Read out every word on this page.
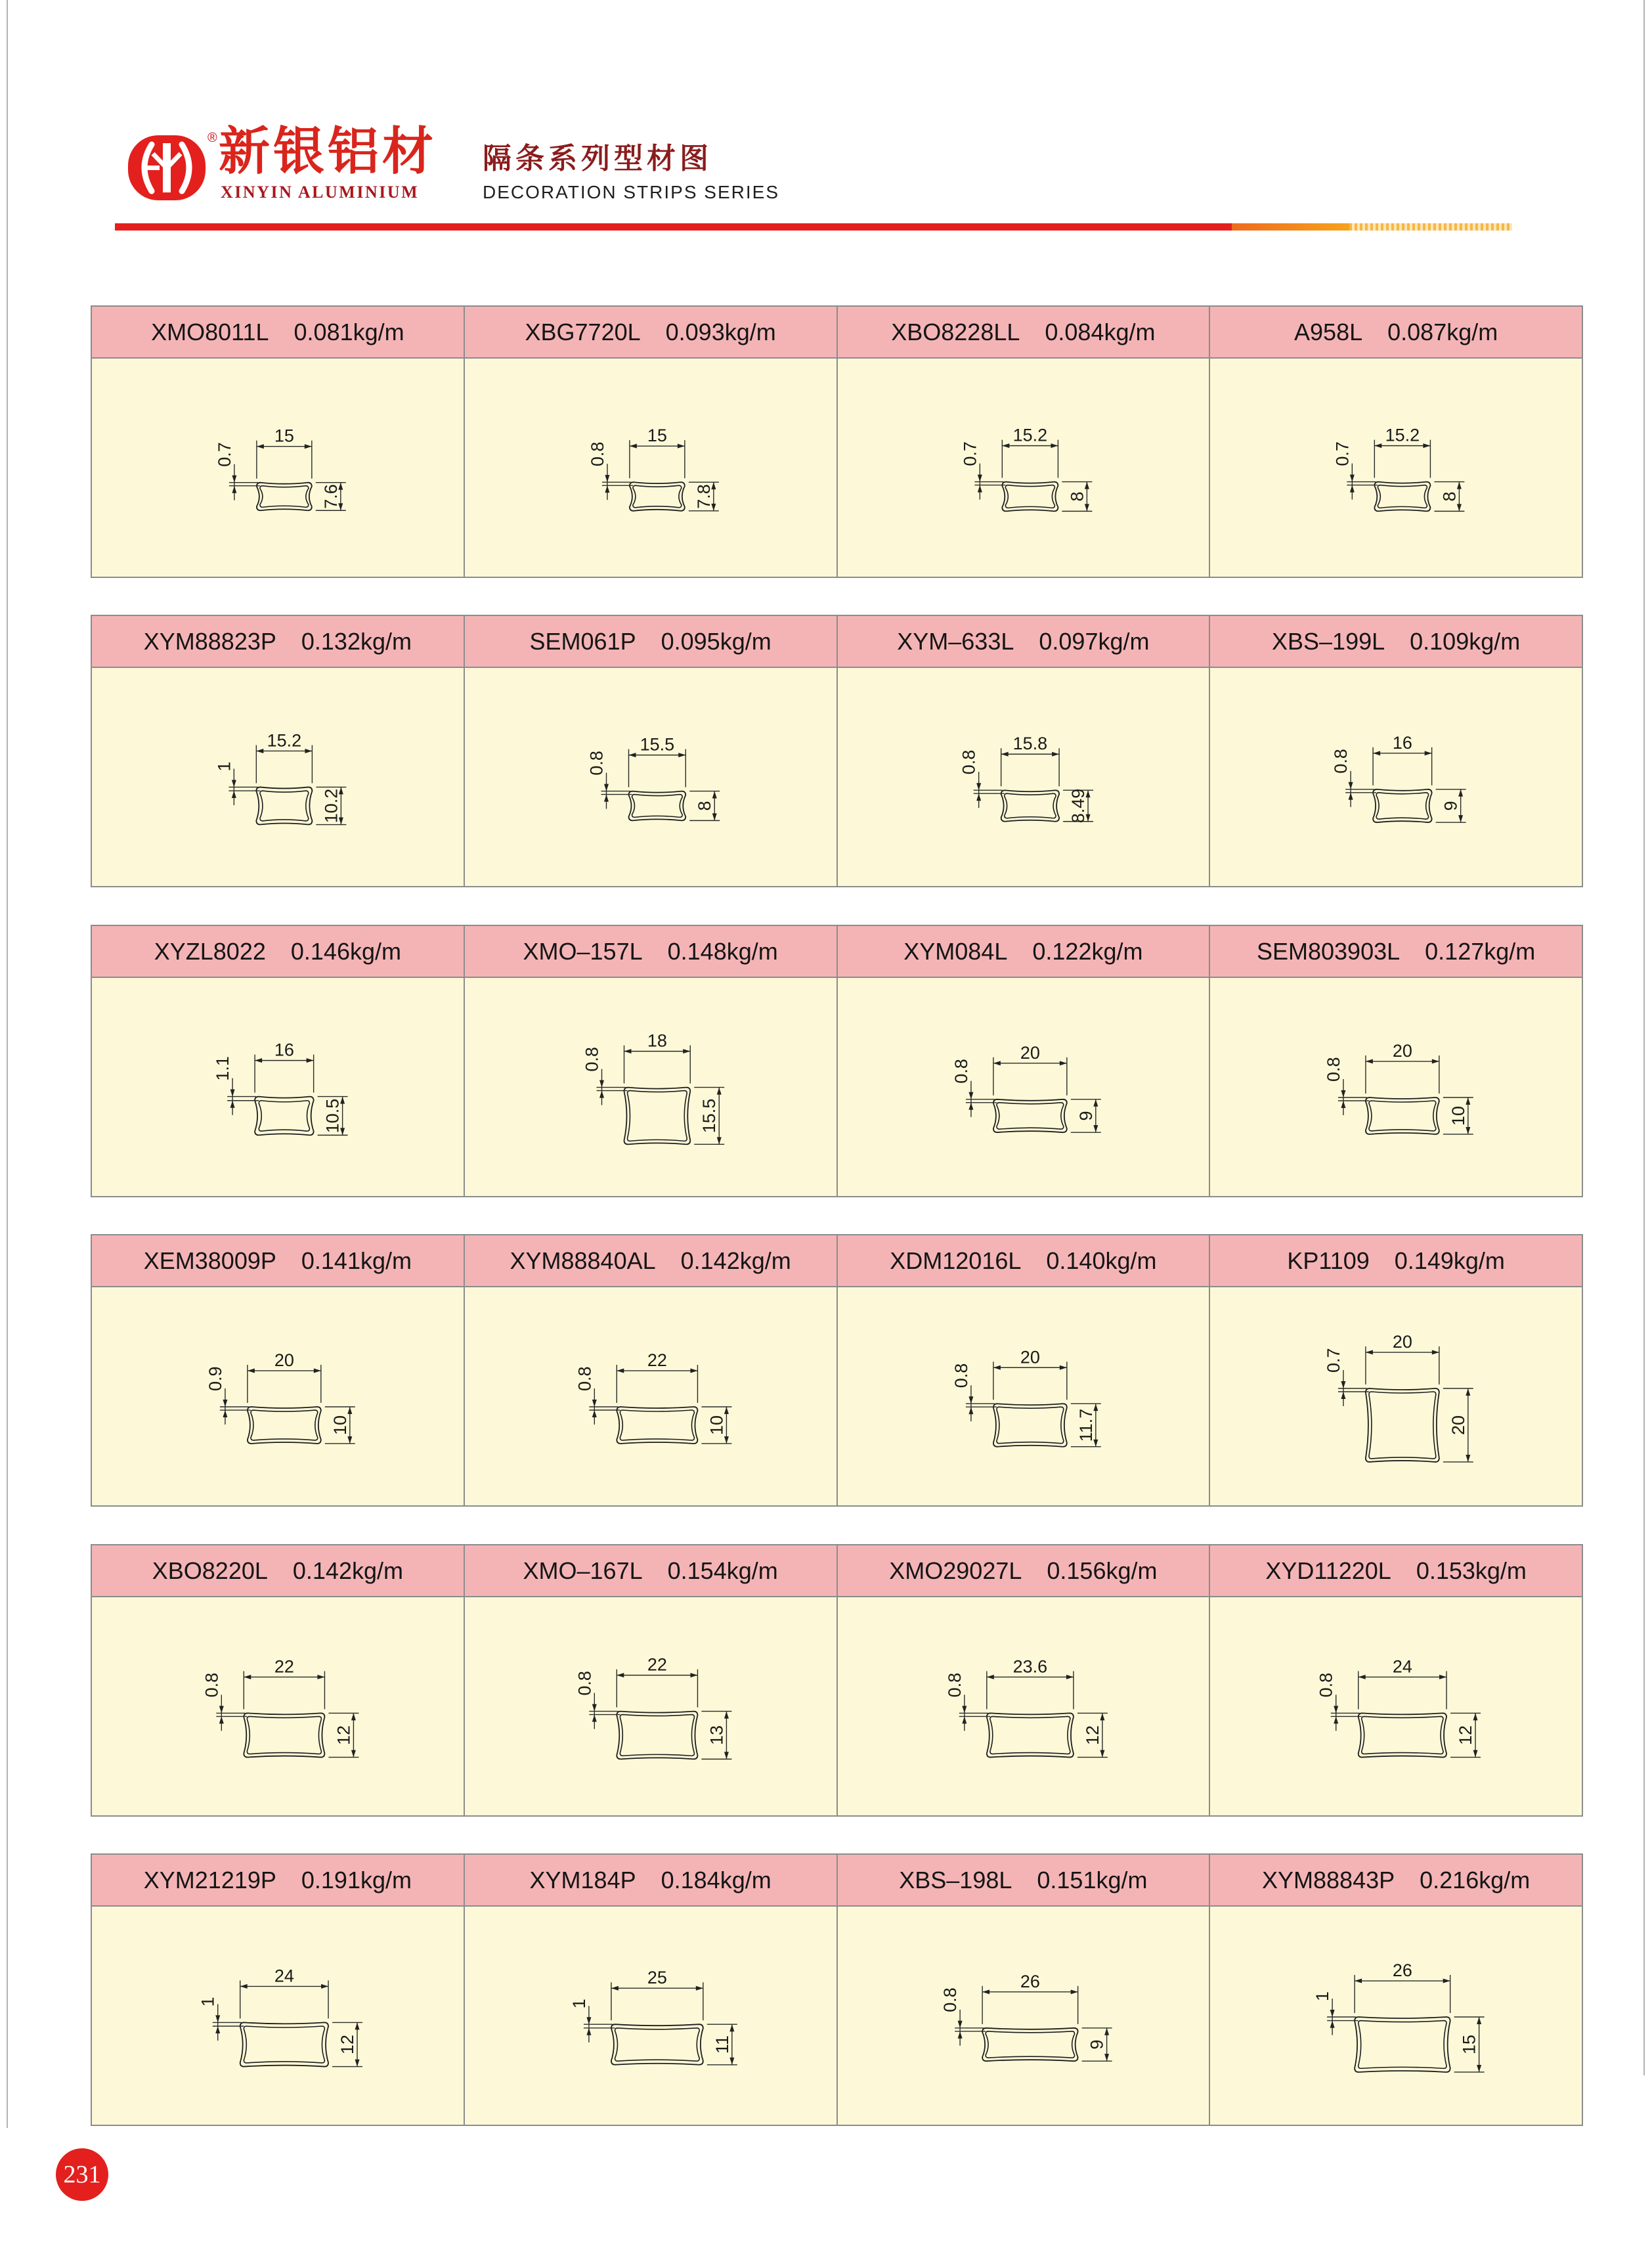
® 新银铝材
XINYIN ALUMINIUM
隔条系列型材图
DECORATION STRIPS SERIES
XMO8011L 0.081kg/m	XBG7720L 0.093kg/m	XBO8228LL 0.084kg/m	A958L 0.087kg/m
15
7.6
0.7
15
7.8
0.8
15.2
8
0.7
15.2
8
0.7
XYM88823P 0.132kg/m	SEM061P 0.095kg/m	XYM–633L 0.097kg/m	XBS–199L 0.109kg/m
15.2
10.2
1
15.5
8
0.8
15.8
8.49
0.8
16
9
0.8
XYZL8022 0.146kg/m	XMO–157L 0.148kg/m	XYM084L 0.122kg/m	SEM803903L 0.127kg/m
16
10.5
1.1
18
15.5
0.8	20
9
0.8
20
10
0.8
XEM38009P 0.141kg/m	XYM88840AL 0.142kg/m	XDM12016L 0.140kg/m	KP1109 0.149kg/m
20
10
0.9
22
10
0.8
20
11.7
0.8
20
20
0.7
XBO8220L 0.142kg/m	XMO–167L 0.154kg/m	XMO29027L 0.156kg/m	XYD11220L 0.153kg/m
22
12
0.8
22
13
0.8
23.6
12
0.8
24
12
0.8
XYM21219P 0.191kg/m	XYM184P 0.184kg/m	XBS–198L 0.151kg/m	XYM88843P 0.216kg/m
24
12
1
25
11
1
26
9
0.8
26
15
1
231
